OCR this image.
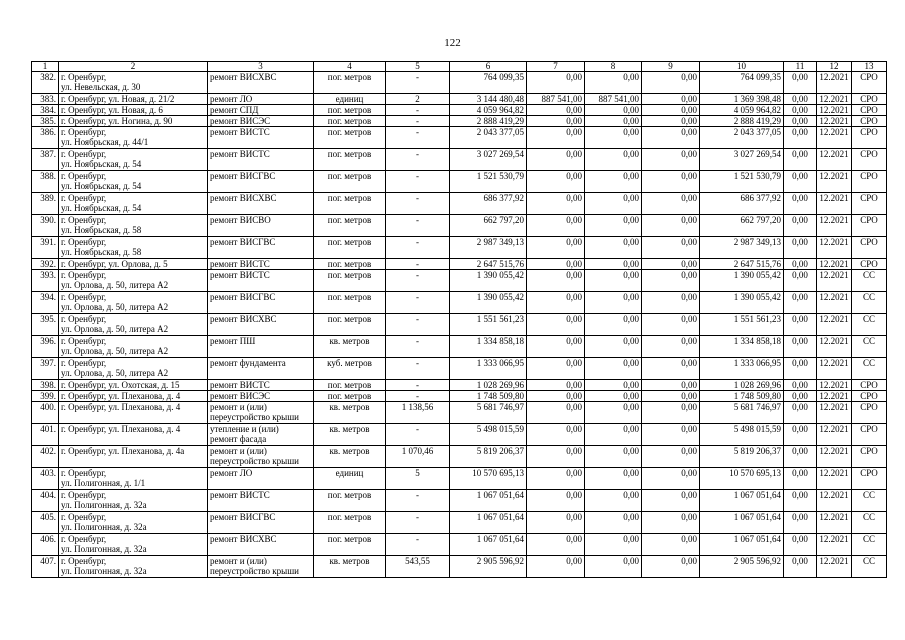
122
1	2	3	4	5	6	7	8	9	10	11	12	13
382.	г. Оренбург,
ул. Невельская, д. 30	ремонт ВИСХВС	пог. метров	-	764 099,35	0,00	0,00	0,00	764 099,35	0,00	12.2021	СРО
383.	г. Оренбург, ул. Новая, д. 21/2	ремонт ЛО	единиц	2	3 144 480,48	887 541,00	887 541,00	0,00	1 369 398,48	0,00	12.2021	СРО
384.	г. Оренбург, ул. Новая, д. 6	ремонт СПД	пог. метров	-	4 059 964,82	0,00	0,00	0,00	4 059 964,82	0,00	12.2021	СРО
385.	г. Оренбург, ул. Ногина, д. 90	ремонт ВИСЭС	пог. метров	-	2 888 419,29	0,00	0,00	0,00	2 888 419,29	0,00	12.2021	СРО
386.	г. Оренбург,
ул. Ноябрьская, д. 44/1	ремонт ВИСТС	пог. метров	-	2 043 377,05	0,00	0,00	0,00	2 043 377,05	0,00	12.2021	СРО
387.	г. Оренбург,
ул. Ноябрьская, д. 54	ремонт ВИСТС	пог. метров	-	3 027 269,54	0,00	0,00	0,00	3 027 269,54	0,00	12.2021	СРО
388.	г. Оренбург,
ул. Ноябрьская, д. 54	ремонт ВИСГВС	пог. метров	-	1 521 530,79	0,00	0,00	0,00	1 521 530,79	0,00	12.2021	СРО
389.	г. Оренбург,
ул. Ноябрьская, д. 54	ремонт ВИСХВС	пог. метров	-	686 377,92	0,00	0,00	0,00	686 377,92	0,00	12.2021	СРО
390.	г. Оренбург,
ул. Ноябрьская, д. 58	ремонт ВИСВО	пог. метров	-	662 797,20	0,00	0,00	0,00	662 797,20	0,00	12.2021	СРО
391.	г. Оренбург,
ул. Ноябрьская, д. 58	ремонт ВИСГВС	пог. метров	-	2 987 349,13	0,00	0,00	0,00	2 987 349,13	0,00	12.2021	СРО
392.	г. Оренбург, ул. Орлова, д. 5	ремонт ВИСТС	пог. метров	-	2 647 515,76	0,00	0,00	0,00	2 647 515,76	0,00	12.2021	СРО
393.	г. Оренбург,
ул. Орлова, д. 50, литера А2	ремонт ВИСТС	пог. метров	-	1 390 055,42	0,00	0,00	0,00	1 390 055,42	0,00	12.2021	СС
394.	г. Оренбург,
ул. Орлова, д. 50, литера А2	ремонт ВИСГВС	пог. метров	-	1 390 055,42	0,00	0,00	0,00	1 390 055,42	0,00	12.2021	СС
395.	г. Оренбург,
ул. Орлова, д. 50, литера А2	ремонт ВИСХВС	пог. метров	-	1 551 561,23	0,00	0,00	0,00	1 551 561,23	0,00	12.2021	СС
396.	г. Оренбург,
ул. Орлова, д. 50, литера А2	ремонт ПШ	кв. метров	-	1 334 858,18	0,00	0,00	0,00	1 334 858,18	0,00	12.2021	СС
397.	г. Оренбург,
ул. Орлова, д. 50, литера А2	ремонт фундамента	куб. метров	-	1 333 066,95	0,00	0,00	0,00	1 333 066,95	0,00	12.2021	СС
398.	г. Оренбург, ул. Охотская, д. 15	ремонт ВИСТС	пог. метров	-	1 028 269,96	0,00	0,00	0,00	1 028 269,96	0,00	12.2021	СРО
399.	г. Оренбург, ул. Плеханова, д. 4	ремонт ВИСЭС	пог. метров	-	1 748 509,80	0,00	0,00	0,00	1 748 509,80	0,00	12.2021	СРО
400.	г. Оренбург, ул. Плеханова, д. 4	ремонт и (или)
переустройство крыши	кв. метров	1 138,56	5 681 746,97	0,00	0,00	0,00	5 681 746,97	0,00	12.2021	СРО
401.	г. Оренбург, ул. Плеханова, д. 4	утепление и (или)
ремонт фасада	кв. метров	-	5 498 015,59	0,00	0,00	0,00	5 498 015,59	0,00	12.2021	СРО
402.	г. Оренбург, ул. Плеханова, д. 4а	ремонт и (или)
переустройство крыши	кв. метров	1 070,46	5 819 206,37	0,00	0,00	0,00	5 819 206,37	0,00	12.2021	СРО
403.	г. Оренбург,
ул. Полигонная, д. 1/1	ремонт ЛО	единиц	5	10 570 695,13	0,00	0,00	0,00	10 570 695,13	0,00	12.2021	СРО
404.	г. Оренбург,
ул. Полигонная, д. 32а	ремонт ВИСТС	пог. метров	-	1 067 051,64	0,00	0,00	0,00	1 067 051,64	0,00	12.2021	СС
405.	г. Оренбург,
ул. Полигонная, д. 32а	ремонт ВИСГВС	пог. метров	-	1 067 051,64	0,00	0,00	0,00	1 067 051,64	0,00	12.2021	СС
406.	г. Оренбург,
ул. Полигонная, д. 32а	ремонт ВИСХВС	пог. метров	-	1 067 051,64	0,00	0,00	0,00	1 067 051,64	0,00	12.2021	СС
407.	г. Оренбург,
ул. Полигонная, д. 32а	ремонт и (или)
переустройство крыши	кв. метров	543,55	2 905 596,92	0,00	0,00	0,00	2 905 596,92	0,00	12.2021	СС
